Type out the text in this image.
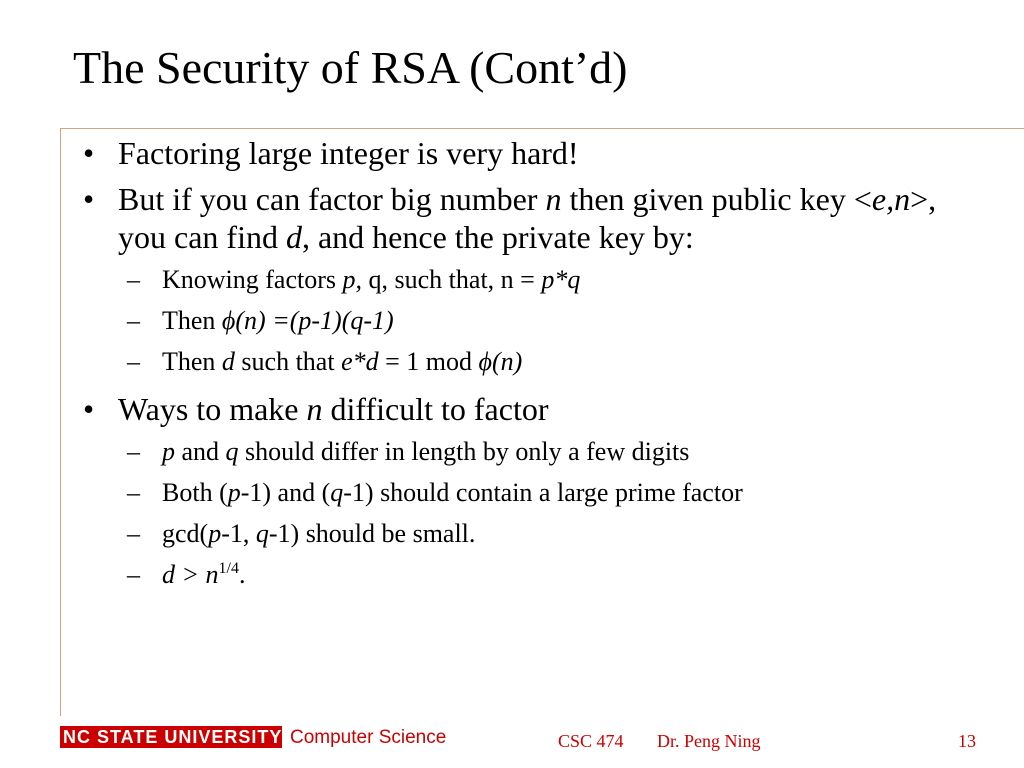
The Security of RSA (Cont’d)
• Factoring large integer is very hard!
• But if you can factor big number n then given public key <e,n>, you can find d, and hence the private key by:
– Knowing factors p, q, such that, n = p*q
– Then ϕ(n) =(p-1)(q-1)
– Then d such that e*d = 1 mod ϕ(n)
• Ways to make n difficult to factor
– p and q should differ in length by only a few digits
– Both (p-1) and (q-1) should contain a large prime factor
– gcd(p-1, q-1) should be small.
– $d > n^{1/4}$.
NC STATE UNIVERSITY Computer Science	CSC 474 Dr. Peng Ning	13
